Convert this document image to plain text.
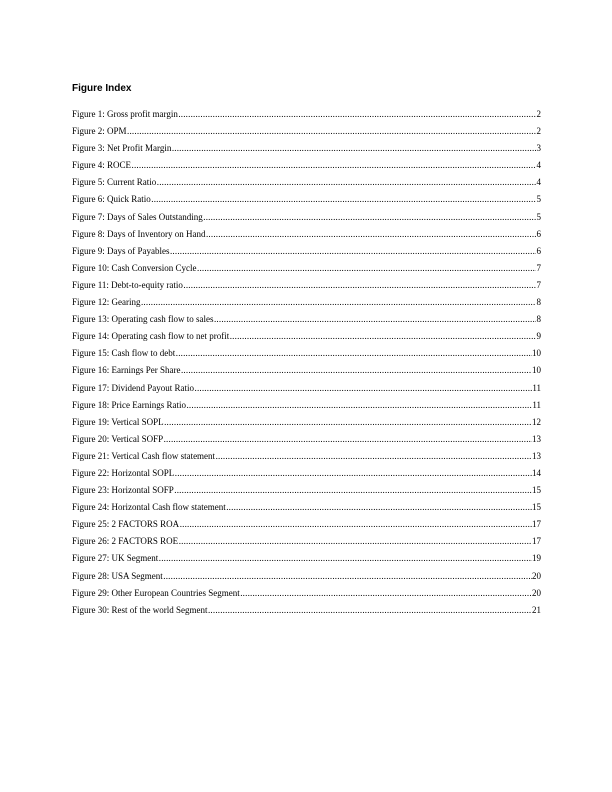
Figure Index
Figure 1: Gross profit margin .....	2
Figure 2: OPM .....	2
Figure 3: Net Profit Margin .....	3
Figure 4: ROCE .....	4
Figure 5: Current Ratio .....	4
Figure 6: Quick Ratio .....	5
Figure 7: Days of Sales Outstanding .....	5
Figure 8: Days of Inventory on Hand .....	6
Figure 9: Days of Payables .....	6
Figure 10: Cash Conversion Cycle .....	7
Figure 11: Debt-to-equity ratio .....	7
Figure 12: Gearing .....	8
Figure 13: Operating cash flow to sales .....	8
Figure 14: Operating cash flow to net profit .....	9
Figure 15: Cash flow to debt .....	10
Figure 16: Earnings Per Share .....	10
Figure 17: Dividend Payout Ratio .....	11
Figure 18: Price Earnings Ratio .....	11
Figure 19: Vertical SOPL .....	12
Figure 20: Vertical SOFP .....	13
Figure 21: Vertical Cash flow statement .....	13
Figure 22: Horizontal SOPL .....	14
Figure 23: Horizontal SOFP .....	15
Figure 24: Horizontal Cash flow statement .....	15
Figure 25: 2 FACTORS ROA .....	17
Figure 26: 2 FACTORS ROE .....	17
Figure 27: UK Segment .....	19
Figure 28: USA Segment .....	20
Figure 29: Other European Countries Segment .....	20
Figure 30: Rest of the world Segment .....	21
